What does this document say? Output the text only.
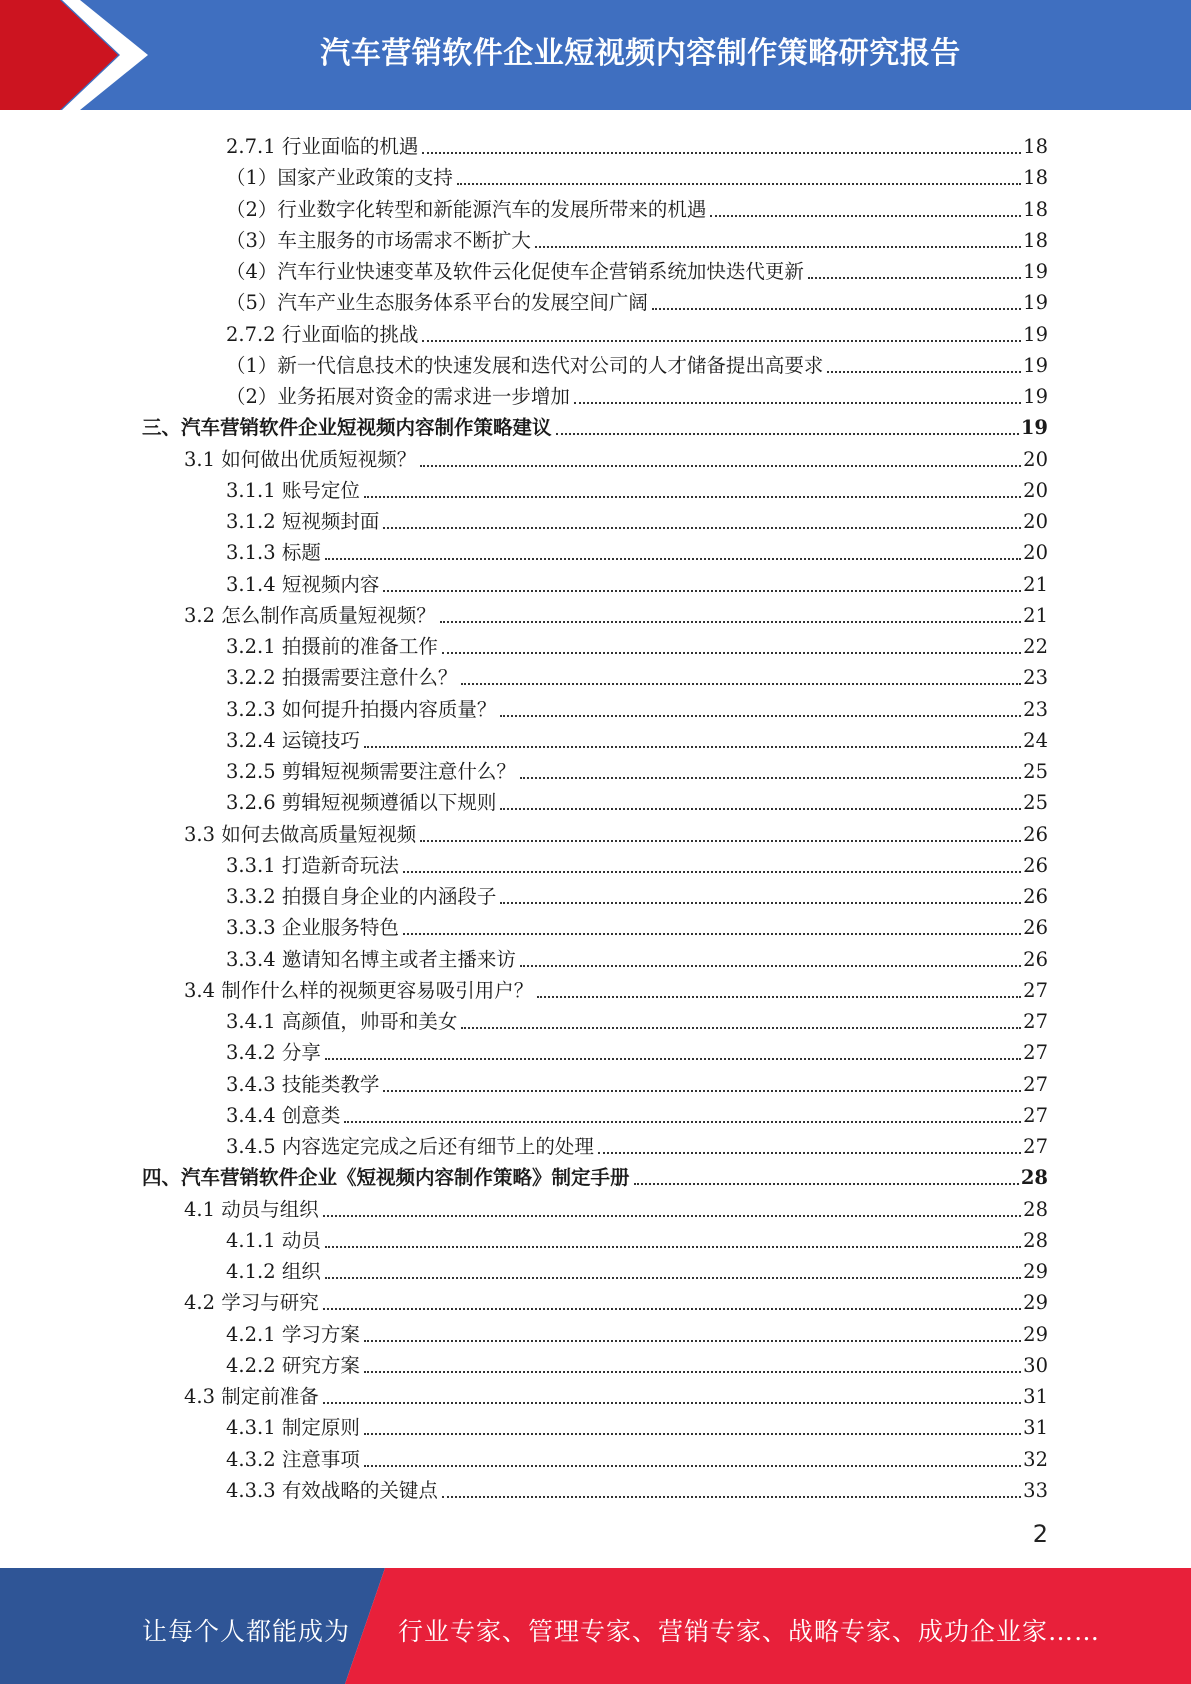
汽车营销软件企业短视频内容制作策略研究报告
2.7.1 行业面临的机遇	18
（1）国家产业政策的支持	18
（2）行业数字化转型和新能源汽车的发展所带来的机遇	18
（3）车主服务的市场需求不断扩大	18
（4）汽车行业快速变革及软件云化促使车企营销系统加快迭代更新	19
（5）汽车产业生态服务体系平台的发展空间广阔	19
2.7.2 行业面临的挑战	19
（1）新一代信息技术的快速发展和迭代对公司的人才储备提出高要求	19
（2）业务拓展对资金的需求进一步增加	19
三、汽车营销软件企业短视频内容制作策略建议	19
3.1 如何做出优质短视频？	20
3.1.1 账号定位	20
3.1.2 短视频封面	20
3.1.3 标题	20
3.1.4 短视频内容	21
3.2 怎么制作高质量短视频？	21
3.2.1 拍摄前的准备工作	22
3.2.2 拍摄需要注意什么？	23
3.2.3 如何提升拍摄内容质量？	23
3.2.4 运镜技巧	24
3.2.5 剪辑短视频需要注意什么？	25
3.2.6 剪辑短视频遵循以下规则	25
3.3 如何去做高质量短视频	26
3.3.1 打造新奇玩法	26
3.3.2 拍摄自身企业的内涵段子	26
3.3.3 企业服务特色	26
3.3.4 邀请知名博主或者主播来访	26
3.4 制作什么样的视频更容易吸引用户？	27
3.4.1 高颜值，帅哥和美女	27
3.4.2 分享	27
3.4.3 技能类教学	27
3.4.4 创意类	27
3.4.5 内容选定完成之后还有细节上的处理	27
四、汽车营销软件企业《短视频内容制作策略》制定手册	28
4.1 动员与组织	28
4.1.1 动员	28
4.1.2 组织	29
4.2 学习与研究	29
4.2.1 学习方案	29
4.2.2 研究方案	30
4.3 制定前准备	31
4.3.1 制定原则	31
4.3.2 注意事项	32
4.3.3 有效战略的关键点	33
2
让每个人都能成为 行业专家、管理专家、营销专家、战略专家、成功企业家……
